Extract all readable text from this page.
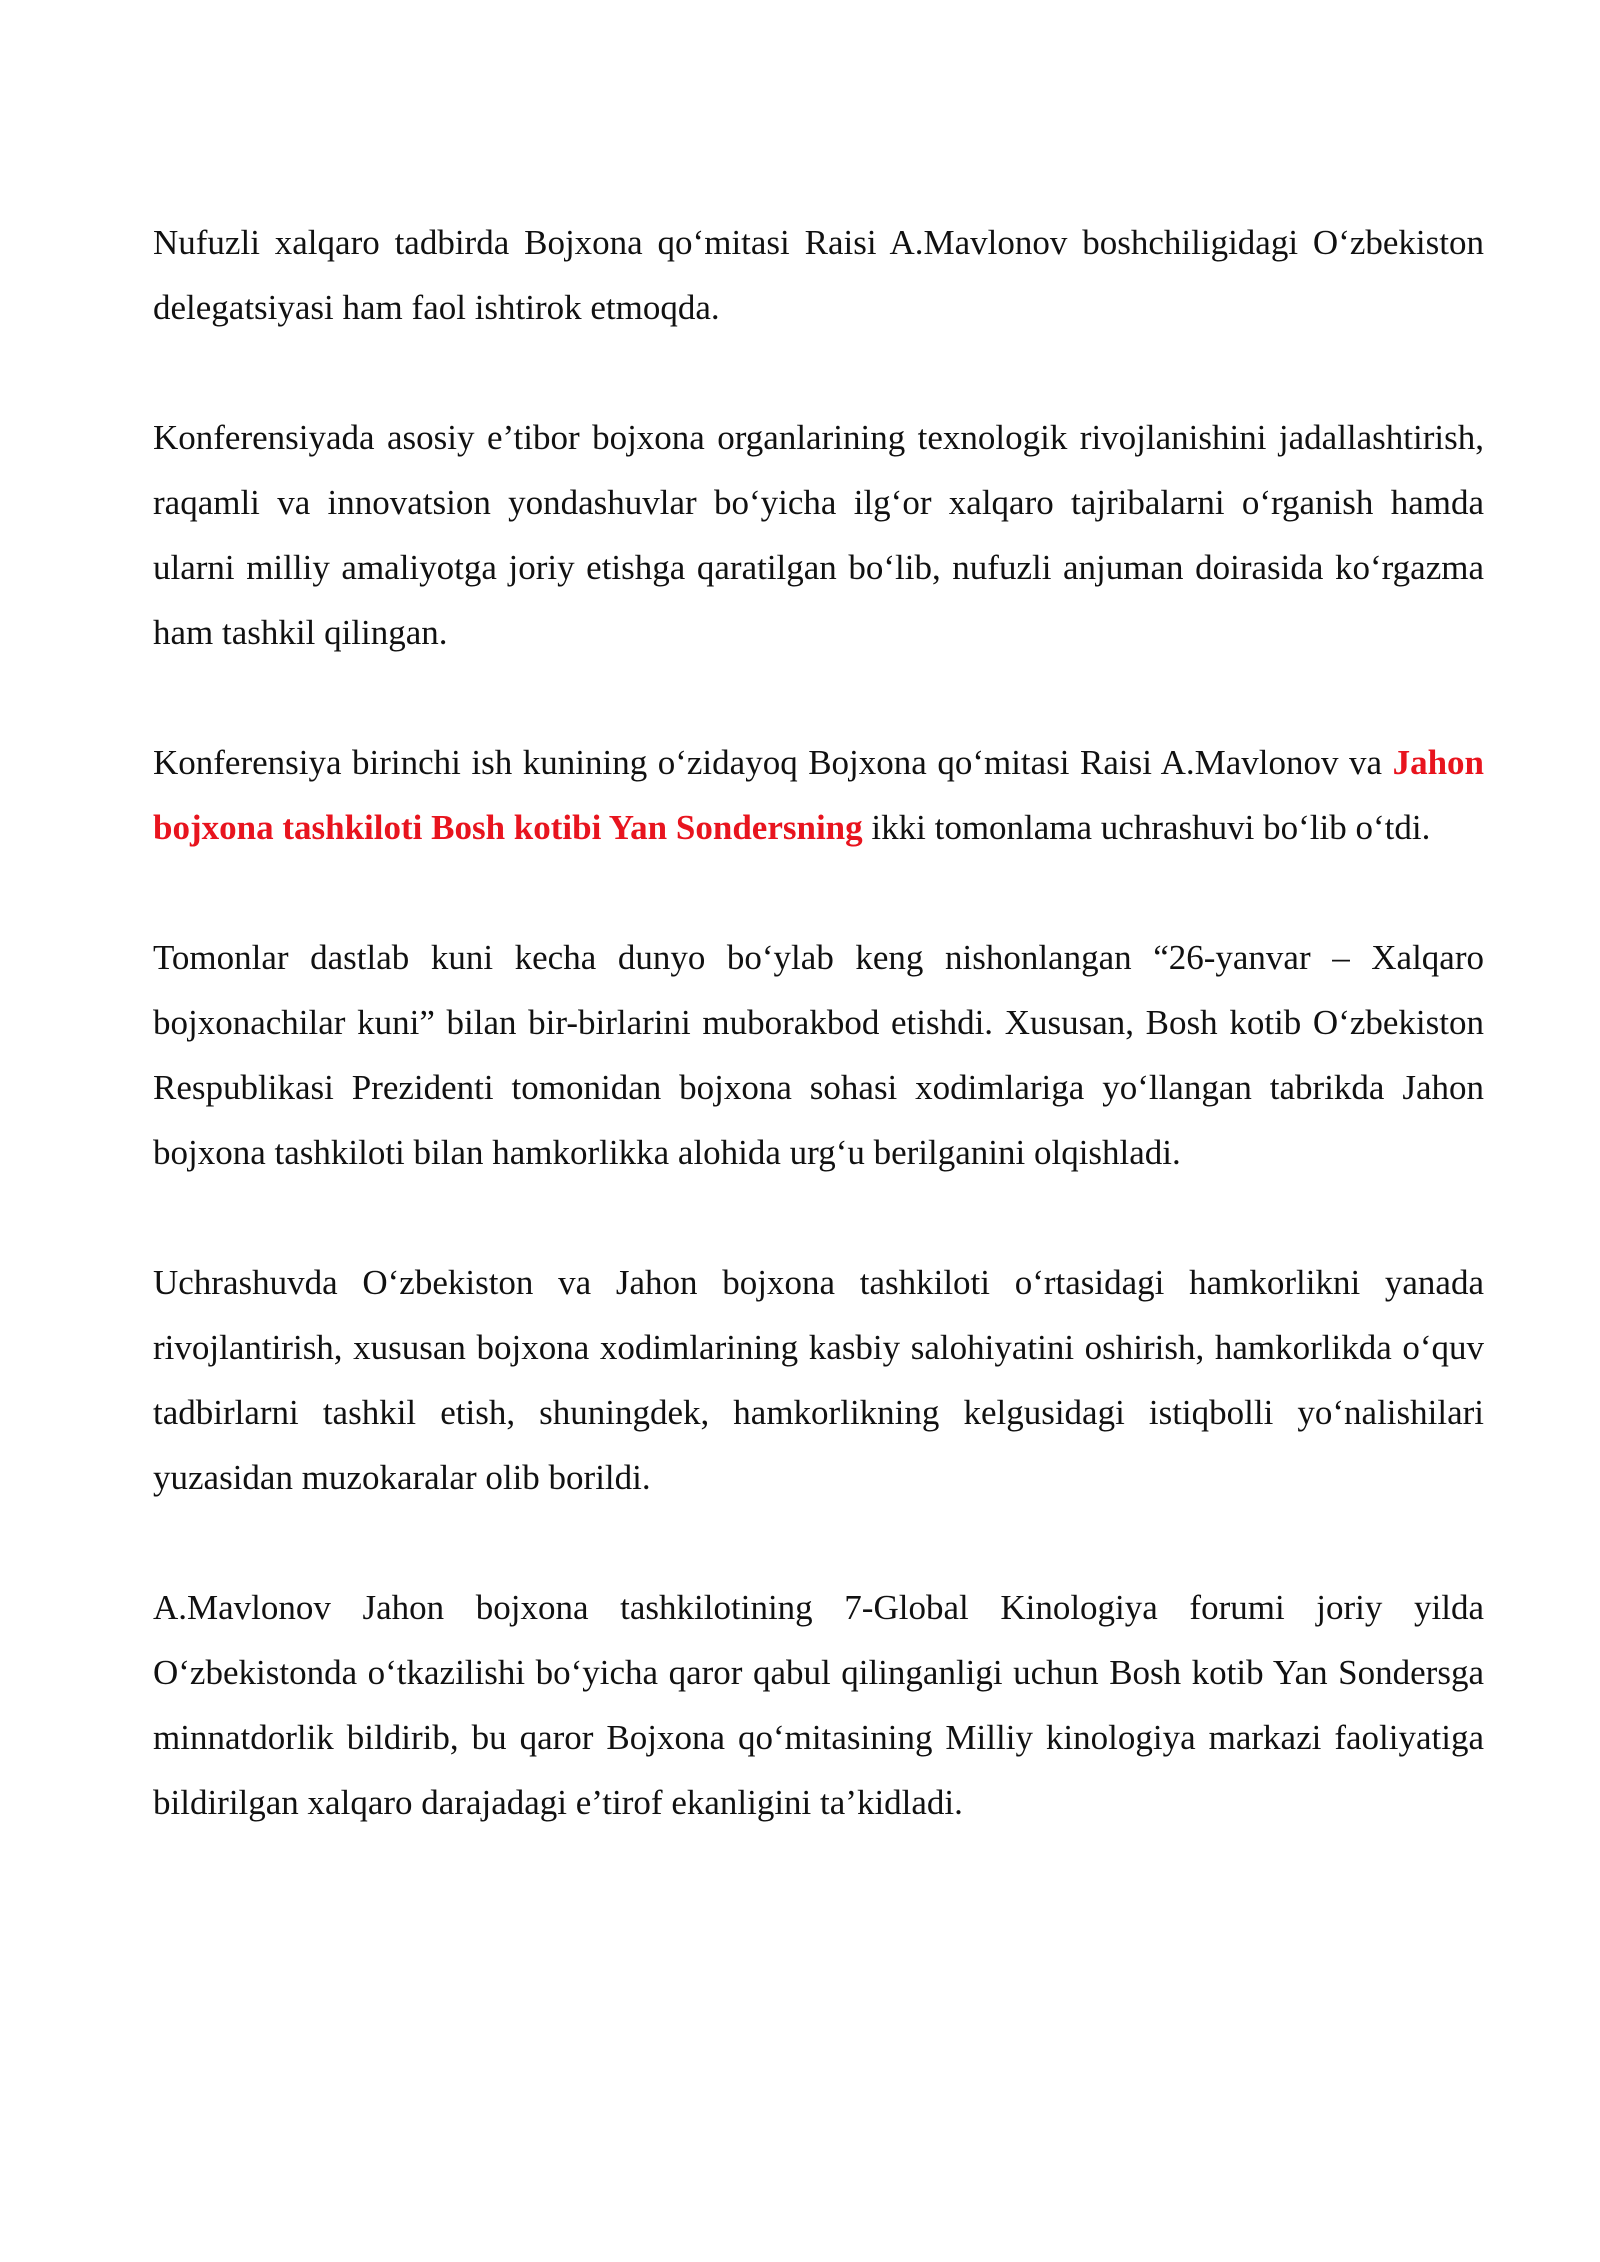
Nufuzli xalqaro tadbirda Bojxona qo‘mitasi Raisi A.Mavlonov boshchiligidagi O‘zbekiston delegatsiyasi ham faol ishtirok etmoqda.

Konferensiyada asosiy e’tibor bojxona organlarining texnologik rivojlanishini jadallashtirish, raqamli va innovatsion yondashuvlar bo‘yicha ilg‘or xalqaro tajribalarni o‘rganish hamda ularni milliy amaliyotga joriy etishga qaratilgan bo‘lib, nufuzli anjuman doirasida ko‘rgazma ham tashkil qilingan.

Konferensiya birinchi ish kunining o‘zidayoq Bojxona qo‘mitasi Raisi A.Mavlonov va Jahon bojxona tashkiloti Bosh kotibi Yan Sondersning ikki tomonlama uchrashuvi bo‘lib o‘tdi.

Tomonlar dastlab kuni kecha dunyo bo‘ylab keng nishonlangan “26-yanvar – Xalqaro bojxonachilar kuni” bilan bir-birlarini muborakbod etishdi. Xususan, Bosh kotib O‘zbekiston Respublikasi Prezidenti tomonidan bojxona sohasi xodimlariga yo‘llangan tabrikda Jahon bojxona tashkiloti bilan hamkorlikka alohida urg‘u berilganini olqishladi.

Uchrashuvda O‘zbekiston va Jahon bojxona tashkiloti o‘rtasidagi hamkorlikni yanada rivojlantirish, xususan bojxona xodimlarining kasbiy salohiyatini oshirish, hamkorlikda o‘quv tadbirlarni tashkil etish, shuningdek, hamkorlikning kelgusidagi istiqbolli yo‘nalishilari yuzasidan muzokaralar olib borildi.

A.Mavlonov Jahon bojxona tashkilotining 7-Global Kinologiya forumi joriy yilda O‘zbekistonda o‘tkazilishi bo‘yicha qaror qabul qilinganligi uchun Bosh kotib Yan Sondersga minnatdorlik bildirib, bu qaror Bojxona qo‘mitasining Milliy kinologiya markazi faoliyatiga bildirilgan xalqaro darajadagi e’tirof ekanligini ta’kidladi.
